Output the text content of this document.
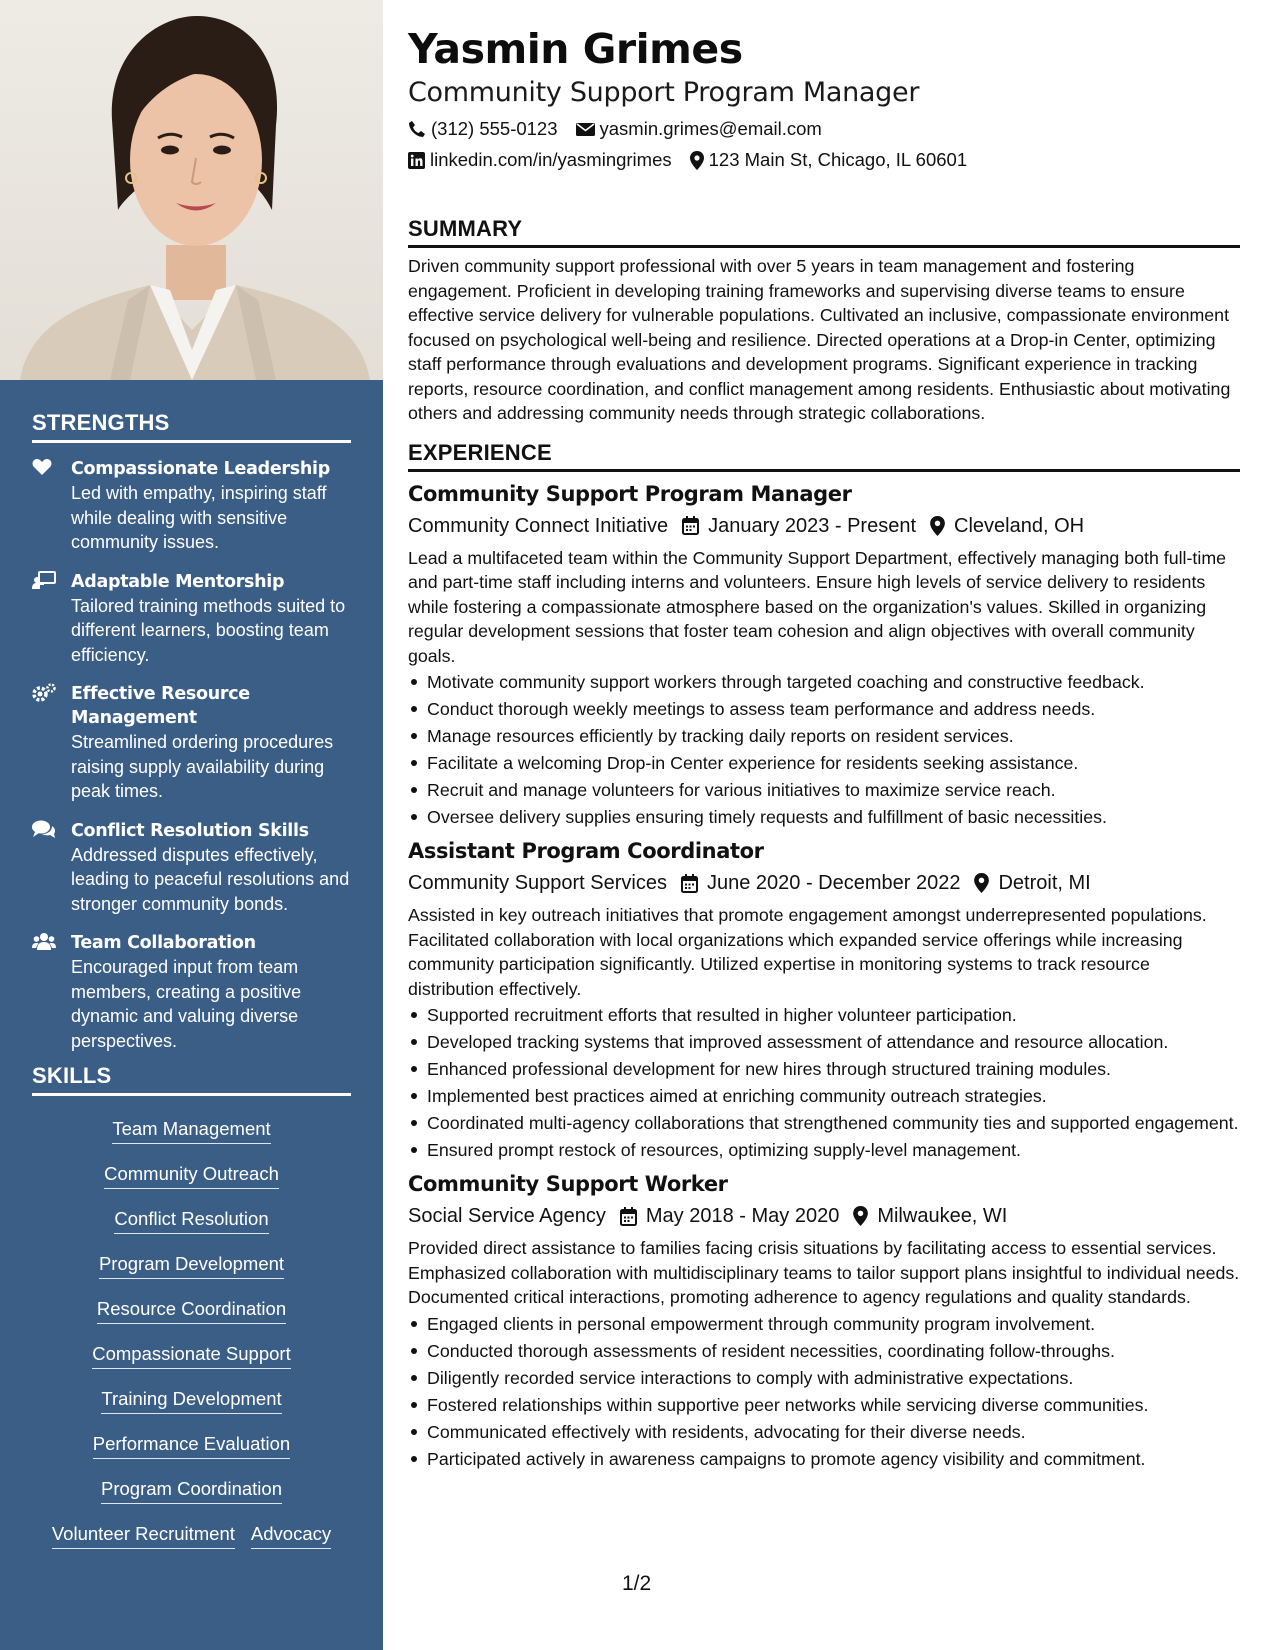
STRENGTHS
Compassionate Leadership
Led with empathy, inspiring staff while dealing with sensitive community issues.
Adaptable Mentorship
Tailored training methods suited to different learners, boosting team efficiency.
Effective Resource Management
Streamlined ordering procedures raising supply availability during peak times.
Conflict Resolution Skills
Addressed disputes effectively, leading to peaceful resolutions and stronger community bonds.
Team Collaboration
Encouraged input from team members, creating a positive dynamic and valuing diverse perspectives.
SKILLS
Team Management
Community Outreach
Conflict Resolution
Program Development
Resource Coordination
Compassionate Support
Training Development
Performance Evaluation
Program Coordination
Volunteer Recruitment Advocacy
Yasmin Grimes
Community Support Program Manager
(312) 555-0123 yasmin.grimes@email.com
linkedin.com/in/yasmingrimes 123 Main St, Chicago, IL 60601
SUMMARY

Driven community support professional with over 5 years in team management and fostering engagement. Proficient in developing training frameworks and supervising diverse teams to ensure effective service delivery for vulnerable populations. Cultivated an inclusive, compassionate environment focused on psychological well-being and resilience. Directed operations at a Drop-in Center, optimizing staff performance through evaluations and development programs. Significant experience in tracking reports, resource coordination, and conflict management among residents. Enthusiastic about motivating others and addressing community needs through strategic collaborations.

EXPERIENCE
Community Support Program Manager
Community Connect Initiative January 2023 - Present Cleveland, OH

Lead a multifaceted team within the Community Support Department, effectively managing both full-time and part-time staff including interns and volunteers. Ensure high levels of service delivery to residents while fostering a compassionate atmosphere based on the organization's values. Skilled in organizing regular development sessions that foster team cohesion and align objectives with overall community goals.

Motivate community support workers through targeted coaching and constructive feedback.
Conduct thorough weekly meetings to assess team performance and address needs.
Manage resources efficiently by tracking daily reports on resident services.
Facilitate a welcoming Drop-in Center experience for residents seeking assistance.
Recruit and manage volunteers for various initiatives to maximize service reach.
Oversee delivery supplies ensuring timely requests and fulfillment of basic necessities.
Assistant Program Coordinator
Community Support Services June 2020 - December 2022 Detroit, MI

Assisted in key outreach initiatives that promote engagement amongst underrepresented populations. Facilitated collaboration with local organizations which expanded service offerings while increasing community participation significantly. Utilized expertise in monitoring systems to track resource distribution effectively.

Supported recruitment efforts that resulted in higher volunteer participation.
Developed tracking systems that improved assessment of attendance and resource allocation.
Enhanced professional development for new hires through structured training modules.
Implemented best practices aimed at enriching community outreach strategies.
Coordinated multi-agency collaborations that strengthened community ties and supported engagement.
Ensured prompt restock of resources, optimizing supply-level management.
Community Support Worker
Social Service Agency May 2018 - May 2020 Milwaukee, WI

Provided direct assistance to families facing crisis situations by facilitating access to essential services. Emphasized collaboration with multidisciplinary teams to tailor support plans insightful to individual needs. Documented critical interactions, promoting adherence to agency regulations and quality standards.

Engaged clients in personal empowerment through community program involvement.
Conducted thorough assessments of resident necessities, coordinating follow-throughs.
Diligently recorded service interactions to comply with administrative expectations.
Fostered relationships within supportive peer networks while servicing diverse communities.
Communicated effectively with residents, advocating for their diverse needs.
Participated actively in awareness campaigns to promote agency visibility and commitment.
1/2
